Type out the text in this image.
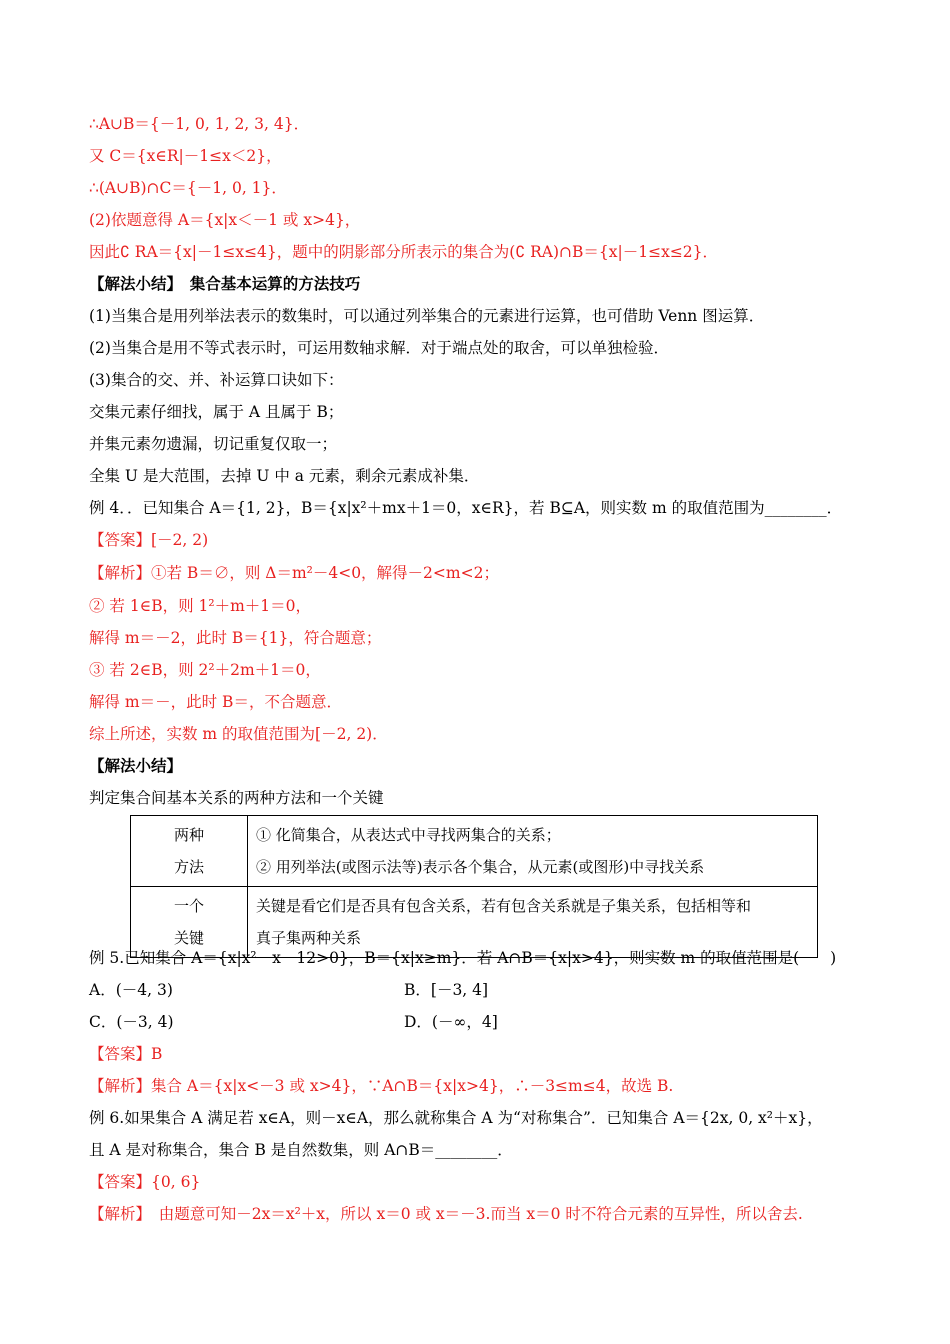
∴A∪B＝{－1, 0, 1, 2, 3, 4}．
又 C＝{x∈R|－1≤x＜2}，
∴(A∪B)∩C＝{－1, 0, 1}．
(2)依题意得 A＝{x|x＜－1 或 x>4}，
因此∁ RA＝{x|－1≤x≤4}，题中的阴影部分所表示的集合为(∁ RA)∩B＝{x|－1≤x≤2}．
【解法小结】　集合基本运算的方法技巧
(1)当集合是用列举法表示的数集时，可以通过列举集合的元素进行运算，也可借助 Venn 图运算．
(2)当集合是用不等式表示时，可运用数轴求解．对于端点处的取舍，可以单独检验．
(3)集合的交、并、补运算口诀如下：
交集元素仔细找，属于 A 且属于 B；
并集元素勿遗漏，切记重复仅取一；
全集 U 是大范围，去掉 U 中 a 元素，剩余元素成补集．
例 4．．已知集合 A＝{1, 2}，B＝{x|x²＋mx＋1＝0，x∈R}，若 B⊆A，则实数 m 的取值范围为________．
【答案】[－2, 2)
【解析】①若 B＝∅，则 Δ＝m²－4<0，解得－2<m<2；
② 若 1∈B，则 1²＋m＋1＝0，
解得 m＝－2，此时 B＝{1}，符合题意；
③ 若 2∈B，则 2²＋2m＋1＝0，
解得 m＝－，此时 B＝，不合题意．
综上所述，实数 m 的取值范围为[－2, 2)．
【解法小结】
判定集合间基本关系的两种方法和一个关键
两种
方法	① 化简集合，从表达式中寻找两集合的关系；
② 用列举法(或图示法等)表示各个集合，从元素(或图形)中寻找关系

一个
关键	关键是看它们是否具有包含关系，若有包含关系就是子集关系，包括相等和
真子集两种关系
例 5.已知集合 A＝{x|x²－x－12>0}，B＝{x|x≥m}．若 A∩B＝{x|x>4}，则实数 m 的取值范围是(　　)
A．(－4, 3)	B．[－3, 4]
C．(－3, 4)	D．(－∞，4]
【答案】B
【解析】集合 A＝{x|x<－3 或 x>4}，∵A∩B＝{x|x>4}，∴－3≤m≤4，故选 B.
例 6.如果集合 A 满足若 x∈A，则－x∈A，那么就称集合 A 为“对称集合”．已知集合 A＝{2x, 0, x²＋x}，
且 A 是对称集合，集合 B 是自然数集，则 A∩B＝________．
【答案】{0, 6}
【解析】　由题意可知－2x＝x²＋x，所以 x＝0 或 x＝－3.而当 x＝0 时不符合元素的互异性，所以舍去.
